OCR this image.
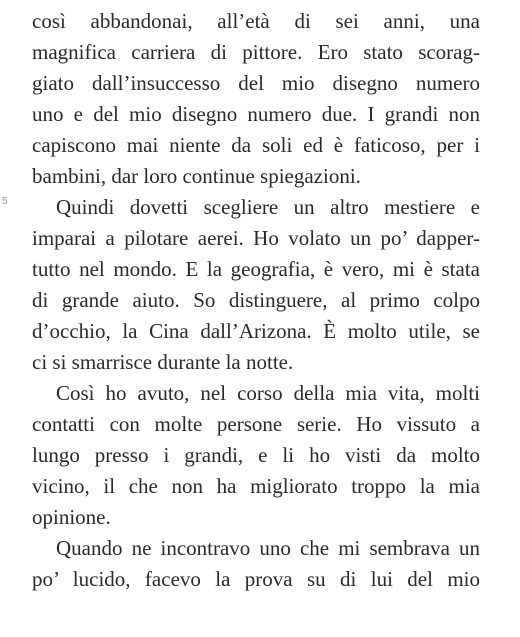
5
così abbandonai, all’età di sei anni, una
magnifica carriera di pittore. Ero stato scorag-
giato dall’insuccesso del mio disegno numero
uno e del mio disegno numero due. I grandi non
capiscono mai niente da soli ed è faticoso, per i
bambini, dar loro continue spiegazioni.
Quindi dovetti scegliere un altro mestiere e
imparai a pilotare aerei. Ho volato un po’ dapper-
tutto nel mondo. E la geografia, è vero, mi è stata
di grande aiuto. So distinguere, al primo colpo
d’occhio, la Cina dall’Arizona. È molto utile, se
ci si smarrisce durante la notte.
Così ho avuto, nel corso della mia vita, molti
contatti con molte persone serie. Ho vissuto a
lungo presso i grandi, e li ho visti da molto
vicino, il che non ha migliorato troppo la mia
opinione.
Quando ne incontravo uno che mi sembrava un
po’ lucido, facevo la prova su di lui del mio
